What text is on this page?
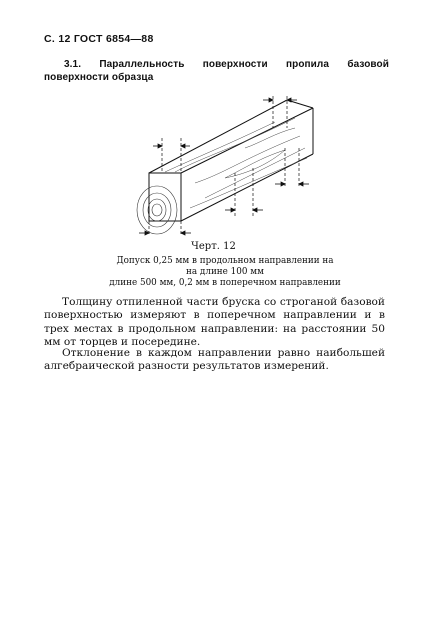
С. 12 ГОСТ 6854—88
3.1. Параллельность поверхности пропила базовой поверхности образца
Черт. 12
Допуск 0,25 мм в продольном направлении на
на длине 100 мм
длине 500 мм, 0,2 мм в поперечном направлении
Толщину отпиленной части бруска со строганой базовой поверхностью измеряют в поперечном направлении и в трех местах в продольном направлении: на расстоянии 50 мм от торцев и посередине.
Отклонение в каждом направлении равно наибольшей алгебраической разности результатов измерений.
